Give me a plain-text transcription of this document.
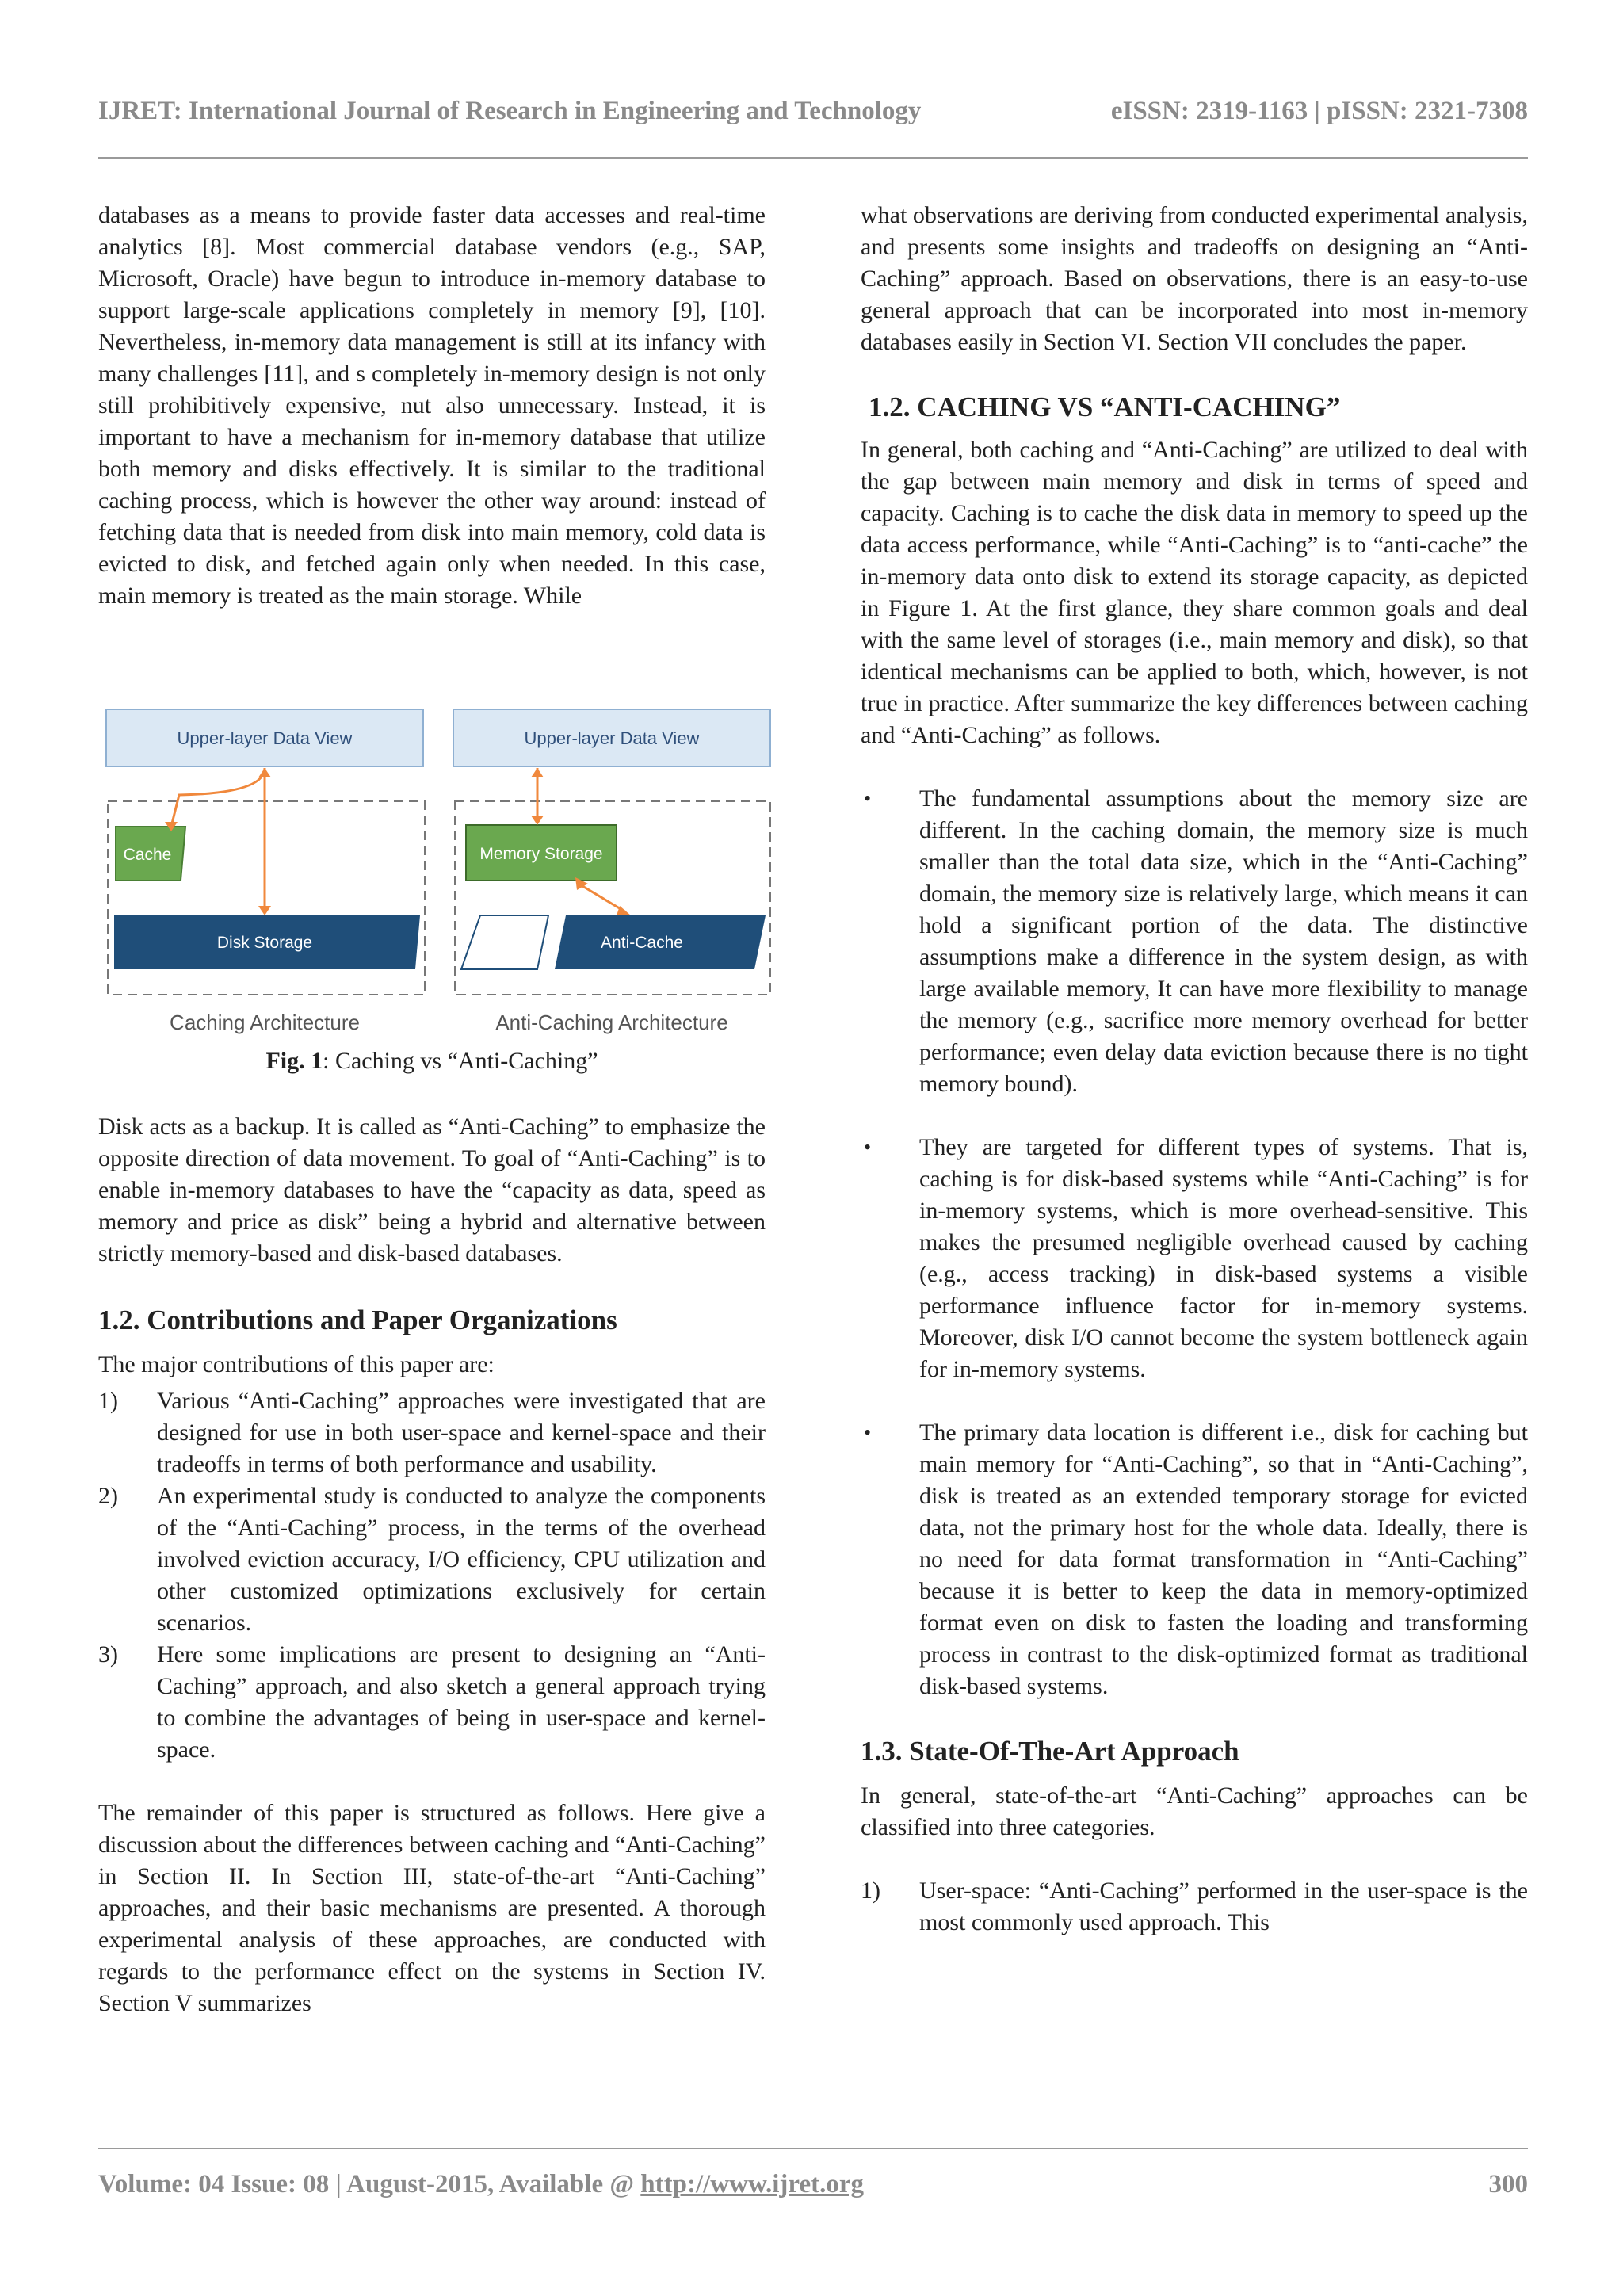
IJRET: International Journal of Research in Engineering and Technology	eISSN: 2319-1163 | pISSN: 2321-7308

databases as a means to provide faster data accesses and real-time analytics [8]. Most commercial database vendors (e.g., SAP, Microsoft, Oracle) have begun to introduce in-memory database to support large-scale applications completely in memory [9], [10]. Nevertheless, in-memory data management is still at its infancy with many challenges [11], and s completely in-memory design is not only still prohibitively expensive, nut also unnecessary. Instead, it is important to have a mechanism for in-memory database that utilize both memory and disks effectively. It is similar to the traditional caching process, which is however the other way around: instead of fetching data that is needed from disk into main memory, cold data is evicted to disk, and fetched again only when needed. In this case, main memory is treated as the main storage. While

Upper-layer Data View
Cache
Disk Storage
Caching Architecture
Upper-layer Data View
Memory Storage
Anti-Cache
Anti-Caching Architecture
Fig. 1: Caching vs “Anti-Caching”

Disk acts as a backup. It is called as “Anti-Caching” to emphasize the opposite direction of data movement. To goal of “Anti-Caching” is to enable in-memory databases to have the “capacity as data, speed as memory and price as disk” being a hybrid and alternative between strictly memory-based and disk-based databases.

1.2. Contributions and Paper Organizations

The major contributions of this paper are:

1) Various “Anti-Caching” approaches were investigated that are designed for use in both user-space and kernel-space and their tradeoffs in terms of both performance and usability.
2) An experimental study is conducted to analyze the components of the “Anti-Caching” process, in the terms of the overhead involved eviction accuracy, I/O efficiency, CPU utilization and other customized optimizations exclusively for certain scenarios.
3) Here some implications are present to designing an “Anti-Caching” approach, and also sketch a general approach trying to combine the advantages of being in user-space and kernel-space.

The remainder of this paper is structured as follows. Here give a discussion about the differences between caching and “Anti-Caching” in Section II. In Section III, state-of-the-art “Anti-Caching” approaches, and their basic mechanisms are presented. A thorough experimental analysis of these approaches, are conducted with regards to the performance effect on the systems in Section IV. Section V summarizes

what observations are deriving from conducted experimental analysis, and presents some insights and tradeoffs on designing an “Anti-Caching” approach. Based on observations, there is an easy-to-use general approach that can be incorporated into most in-memory databases easily in Section VI. Section VII concludes the paper.

1.2. CACHING VS “ANTI-CACHING”

In general, both caching and “Anti-Caching” are utilized to deal with the gap between main memory and disk in terms of speed and capacity. Caching is to cache the disk data in memory to speed up the data access performance, while “Anti-Caching” is to “anti-cache” the in-memory data onto disk to extend its storage capacity, as depicted in Figure 1. At the first glance, they share common goals and deal with the same level of storages (i.e., main memory and disk), so that identical mechanisms can be applied to both, which, however, is not true in practice. After summarize the key differences between caching and “Anti-Caching” as follows.

• The fundamental assumptions about the memory size are different. In the caching domain, the memory size is much smaller than the total data size, which in the “Anti-Caching” domain, the memory size is relatively large, which means it can hold a significant portion of the data. The distinctive assumptions make a difference in the system design, as with large available memory, It can have more flexibility to manage the memory (e.g., sacrifice more memory overhead for better performance; even delay data eviction because there is no tight memory bound).
• They are targeted for different types of systems. That is, caching is for disk-based systems while “Anti-Caching” is for in-memory systems, which is more overhead-sensitive. This makes the presumed negligible overhead caused by caching (e.g., access tracking) in disk-based systems a visible performance influence factor for in-memory systems. Moreover, disk I/O cannot become the system bottleneck again for in-memory systems.
• The primary data location is different i.e., disk for caching but main memory for “Anti-Caching”, so that in “Anti-Caching”, disk is treated as an extended temporary storage for evicted data, not the primary host for the whole data. Ideally, there is no need for data format transformation in “Anti-Caching” because it is better to keep the data in memory-optimized format even on disk to fasten the loading and transforming process in contrast to the disk-optimized format as traditional disk-based systems.
1.3. State-Of-The-Art Approach

In general, state-of-the-art “Anti-Caching” approaches can be classified into three categories.

1) User-space: “Anti-Caching” performed in the user-space is the most commonly used approach. This
Volume: 04 Issue: 08 | August-2015, Available @ http://www.ijret.org	300
